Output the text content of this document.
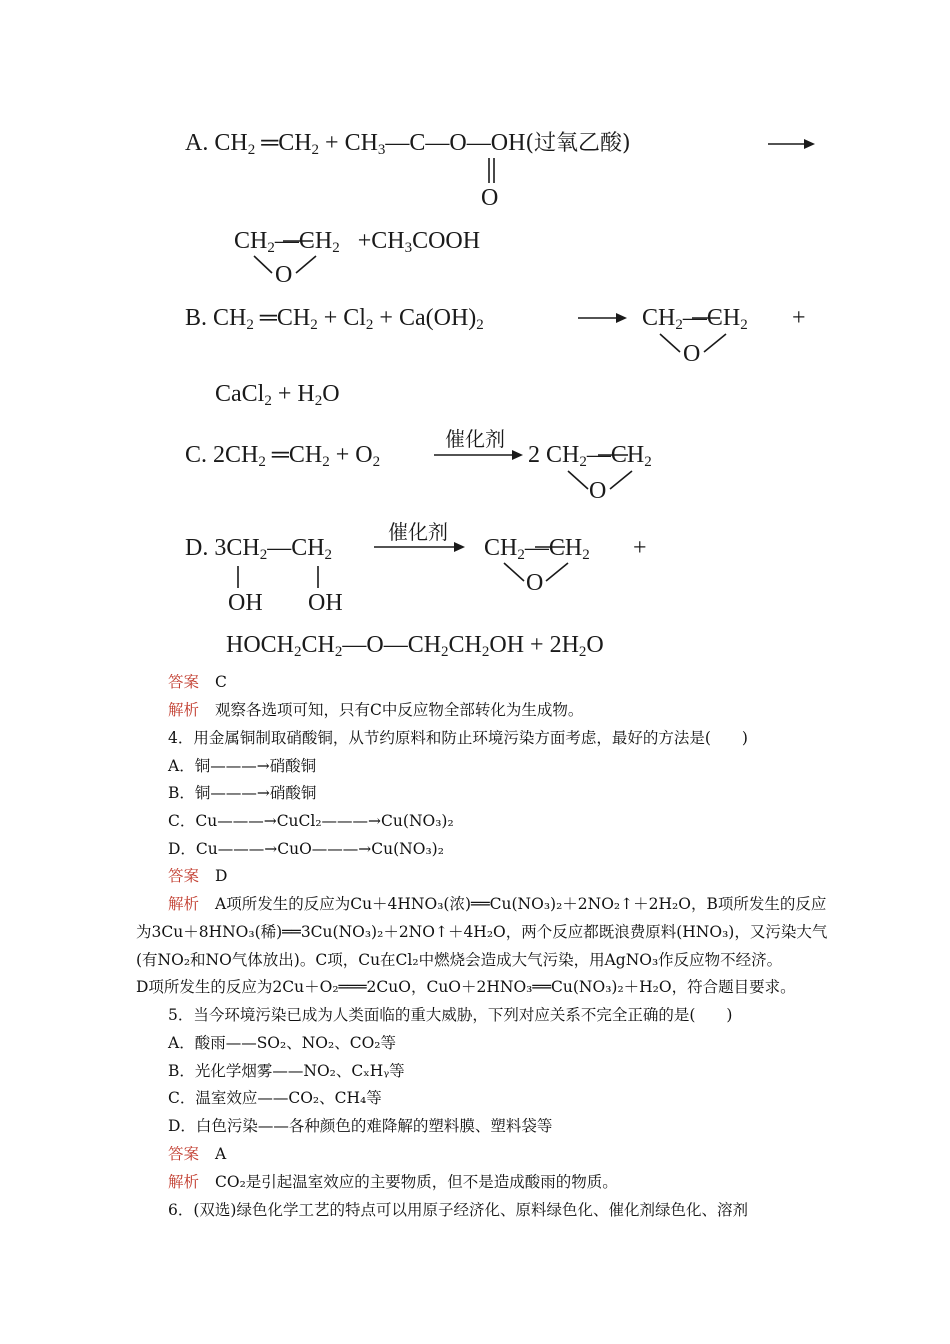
A. $CH_2$ $═CH_2$ + $CH_3—C—O—OH$(过氧乙酸)
O
$CH_2—CH_2$   $+CH_3COOH$
O
B. $CH_2$ $═CH_2 + Cl_2 + Ca(OH)_2$	$CH_2—CH_2$
O
+
CaCl$_2$ + $H_2O$
催化剂
C. $2CH_2$ $═CH_2 + O_2$	2 $CH_2—CH_2$
O
催化剂
D. $3CH_2—CH_2$
OH OH
$CH_2—CH_2$
O
+
$HOCH_2CH_2—O—CH_2CH_2OH + 2H_2O$
答案 C
解析 观察各选项可知，只有C中反应物全部转化为生成物。
4．用金属铜制取硝酸铜，从节约原料和防止环境污染方面考虑，最好的方法是(　　)
A．铜———→硝酸铜
B．铜———→硝酸铜
C．Cu———→CuCl₂———→Cu(NO₃)₂
D．Cu———→CuO———→Cu(NO₃)₂
答案 D
解析 A项所发生的反应为Cu＋4HNO₃(浓)══Cu(NO₃)₂＋2NO₂↑＋2H₂O，B项所发生的反应
为3Cu＋8HNO₃(稀)══3Cu(NO₃)₂＋2NO↑＋4H₂O，两个反应都既浪费原料(HNO₃)，又污染大气
(有NO₂和NO气体放出)。C项，Cu在Cl₂中燃烧会造成大气污染，用AgNO₃作反应物不经济。
D项所发生的反应为2Cu＋O₂═══2CuO，CuO＋2HNO₃══Cu(NO₃)₂＋H₂O，符合题目要求。
5．当今环境污染已成为人类面临的重大威胁，下列对应关系不完全正确的是(　　)
A．酸雨——SO₂、NO₂、CO₂等
B．光化学烟雾——NO₂、CₓHᵧ等
C．温室效应——CO₂、CH₄等
D．白色污染——各种颜色的难降解的塑料膜、塑料袋等
答案 A
解析 CO₂是引起温室效应的主要物质，但不是造成酸雨的物质。
6．(双选)绿色化学工艺的特点可以用原子经济化、原料绿色化、催化剂绿色化、溶剂
